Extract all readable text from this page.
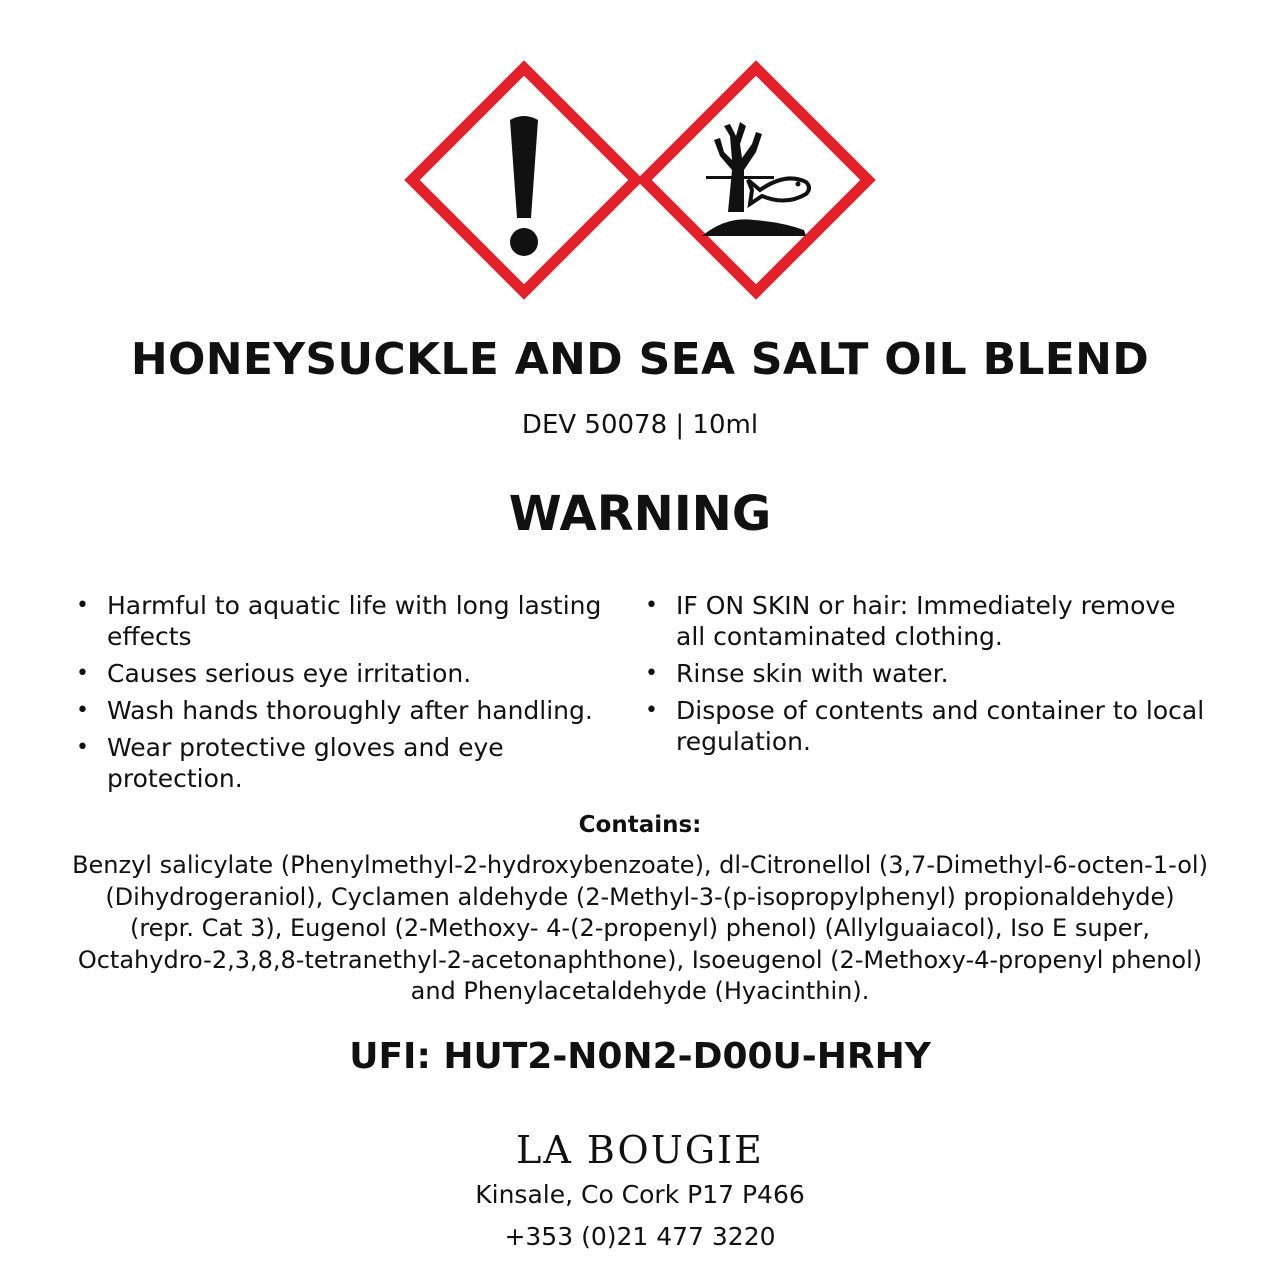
HONEYSUCKLE AND SEA SALT OIL BLEND
DEV 50078 | 10ml
WARNING
• Harmful to aquatic life with long lasting effects
• Causes serious eye irritation.
• Wash hands thoroughly after handling.
• Wear protective gloves and eye protection.
• IF ON SKIN or hair: Immediately remove all contaminated clothing.
• Rinse skin with water.
• Dispose of contents and container to local regulation.
Contains:
Benzyl salicylate (Phenylmethyl-2-hydroxybenzoate), dl-Citronellol (3,7-Dimethyl-6-octen-1-ol) (Dihydrogeraniol), Cyclamen aldehyde (2-Methyl-3-(p-isopropylphenyl) propionaldehyde) (repr. Cat 3), Eugenol (2-Methoxy- 4-(2-propenyl) phenol) (Allylguaiacol), Iso E super, Octahydro-2,3,8,8-tetranethyl-2-acetonaphthone), Isoeugenol (2-Methoxy-4-propenyl phenol) and Phenylacetaldehyde (Hyacinthin).
UFI: HUT2-N0N2-D00U-HRHY
LA BOUGIE
Kinsale, Co Cork P17 P466
+353 (0)21 477 3220
